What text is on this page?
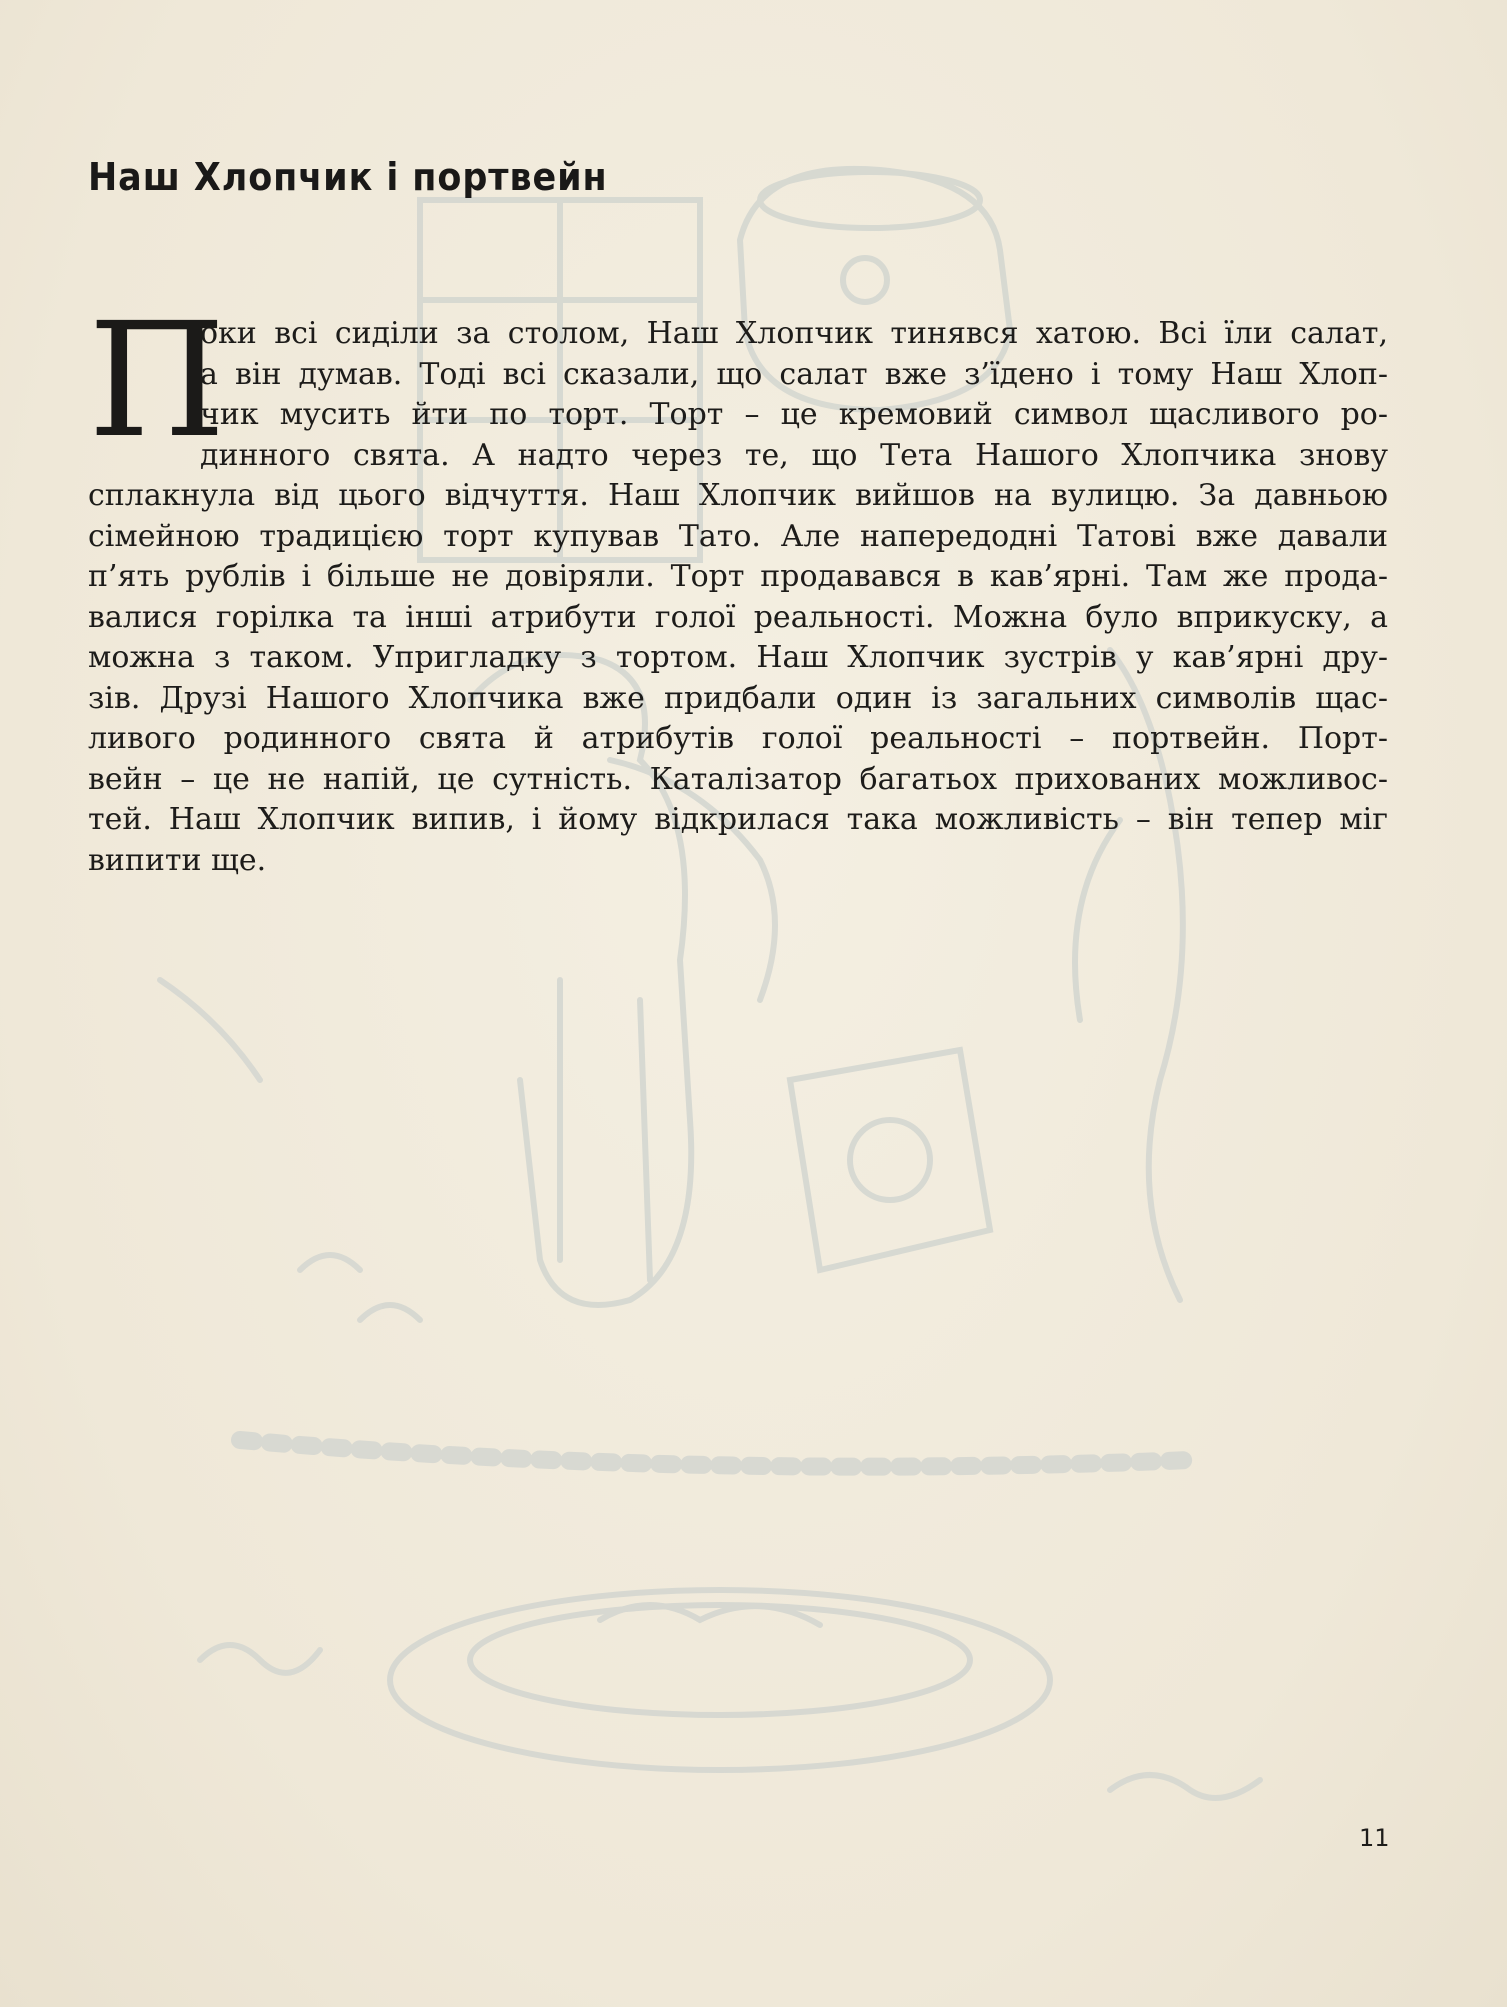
Наш Хлопчик і портвейн
П
оки всі сиділи за столом, Наш Хлопчик тинявся хатою. Всі їли салат,
а він думав. Тоді всі сказали, що салат вже з’їдено і тому Наш Хлоп-
чик мусить йти по торт. Торт – це кремовий символ щасливого ро-
динного свята. А надто через те, що Тета Нашого Хлопчика знову
сплакнула від цього відчуття. Наш Хлопчик вийшов на вулицю. За давньою
сімейною традицією торт купував Тато. Але напередодні Татові вже давали
п’ять рублів і більше не довіряли. Торт продавався в кав’ярні. Там же прода-
валися горілка та інші атрибути голої реальності. Можна було вприкуску, а
можна з таком. Упригладку з тортом. Наш Хлопчик зустрів у кав’ярні дру-
зів. Друзі Нашого Хлопчика вже придбали один із загальних символів щас-
ливого родинного свята й атрибутів голої реальності – портвейн. Порт-
вейн – це не напій, це сутність. Каталізатор багатьох прихованих можливос-
тей. Наш Хлопчик випив, і йому відкрилася така можливість – він тепер міг
випити ще.
11
